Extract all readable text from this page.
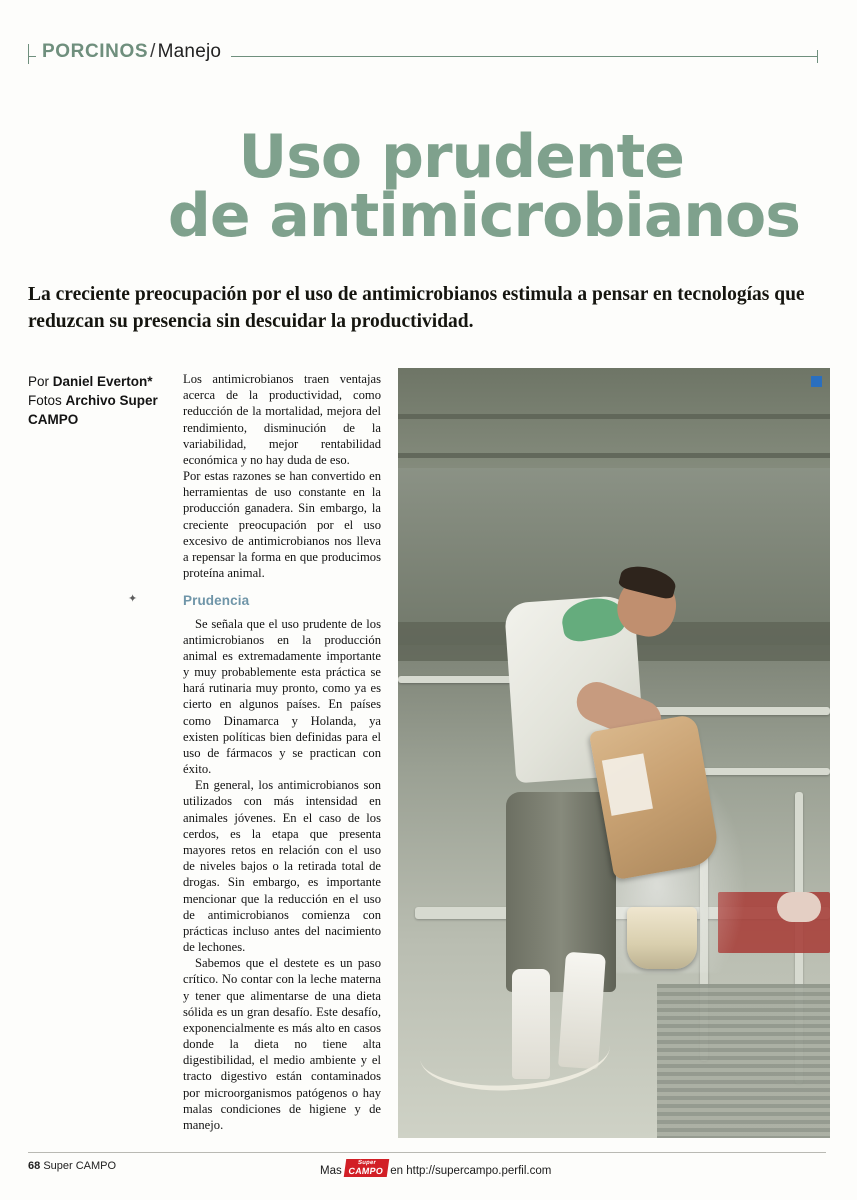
PORCINOS / Manejo
Uso prudente
de antimicrobianos
La creciente preocupación por el uso de antimicrobianos estimula a pensar en tecnologías que reduzcan su presencia sin descuidar la productividad.
Por Daniel Everton*
Fotos Archivo Super CAMPO
✦

Los antimicrobianos traen ventajas acerca de la productividad, como reducción de la mortalidad, mejora del rendimiento, disminución de la variabilidad, mejor rentabilidad económica y no hay duda de eso.

Por estas razones se han convertido en herramientas de uso constante en la producción ganadera. Sin embargo, la creciente preocupación por el uso excesivo de antimicrobianos nos lleva a repensar la forma en que producimos proteína animal.

Prudencia

Se señala que el uso prudente de los antimicrobianos en la producción animal es extremadamente importante y muy probablemente esta práctica se hará rutinaria muy pronto, como ya es cierto en algunos países. En países como Dinamarca y Holanda, ya existen políticas bien definidas para el uso de fármacos y se practican con éxito.

En general, los antimicrobianos son utilizados con más intensidad en animales jóvenes. En el caso de los cerdos, es la etapa que presenta mayores retos en relación con el uso de niveles bajos o la retirada total de drogas. Sin embargo, es importante mencionar que la reducción en el uso de antimicrobianos comienza con prácticas incluso antes del nacimiento de lechones.

Sabemos que el destete es un paso crítico. No contar con la leche materna y tener que alimentarse de una dieta sólida es un gran desafío. Este desafío, exponencialmente es más alto en casos donde la dieta no tiene alta digestibilidad, el medio ambiente y el tracto digestivo están contaminados por microorganismos patógenos o hay malas condiciones de higiene y de manejo.

68 Super CAMPO	Mas
Super
CAMPO en http://supercampo.perfil.com
